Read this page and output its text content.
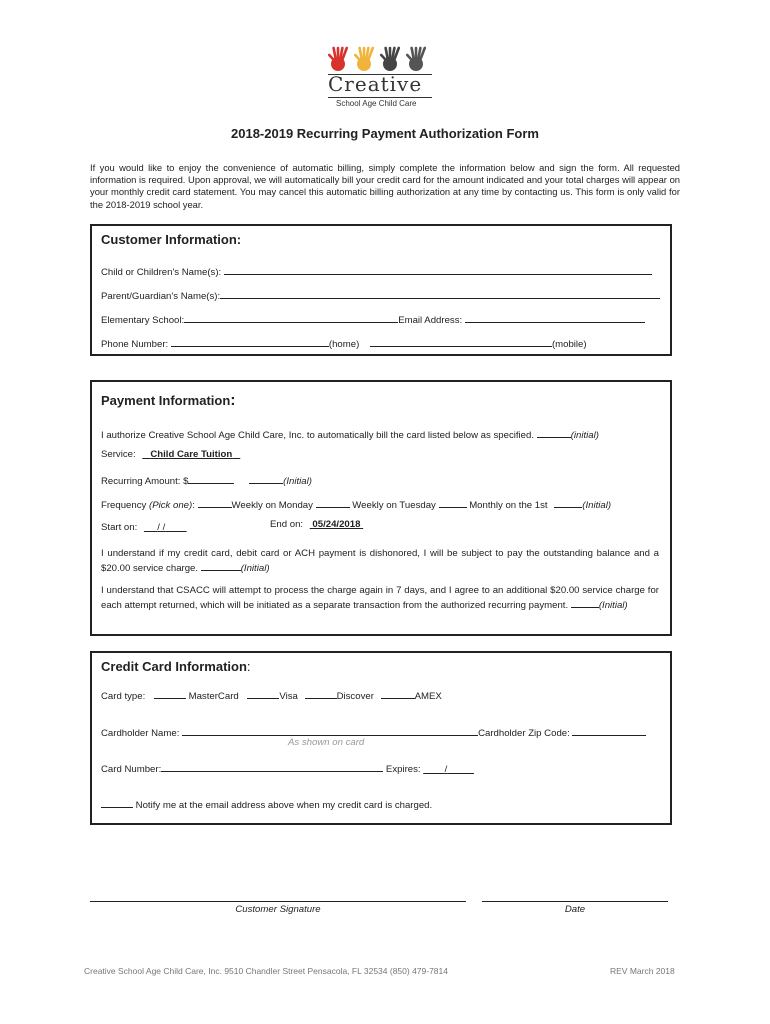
Creative
School Age Child Care
2018-2019 Recurring Payment Authorization Form
If you would like to enjoy the convenience of automatic billing, simply complete the information below and sign the form. All requested information is required. Upon approval, we will automatically bill your credit card for the amount indicated and your total charges will appear on your monthly credit card statement. You may cancel this automatic billing authorization at any time by contacting us. This form is only valid for the 2018-2019 school year.
Customer Information:
Child or Children's Name(s):
Parent/Guardian's Name(s):
Elementary School:	Email Address:
Phone Number:	(home)	(mobile)
Payment Information:
I authorize Creative School Age Child Care, Inc. to automatically bill the card listed below as specified.	(initial)
Service: Child Care Tuition
Recurring Amount: $	(Initial)
Frequency (Pick one):	Weekly on Monday	Weekly on Tuesday	Monthly on the 1st	(Initial)
Start on: / /	End on: 05/24/2018
I understand if my credit card, debit card or ACH payment is dishonored, I will be subject to pay the outstanding balance and a $20.00 service charge.	(Initial)
I understand that CSACC will attempt to process the charge again in 7 days, and I agree to an additional $20.00 service charge for each attempt returned, which will be initiated as a separate transaction from the authorized recurring payment.	(Initial)
Credit Card Information:
Card type:	MasterCard	Visa	Discover	AMEX
Cardholder Name:	Cardholder Zip Code:
As shown on card
Card Number:	Expires:	/
Notify me at the email address above when my credit card is charged.
Customer Signature	Date
Creative School Age Child Care, Inc. 9510 Chandler Street Pensacola, FL 32534 (850) 479-7814	REV March 2018
